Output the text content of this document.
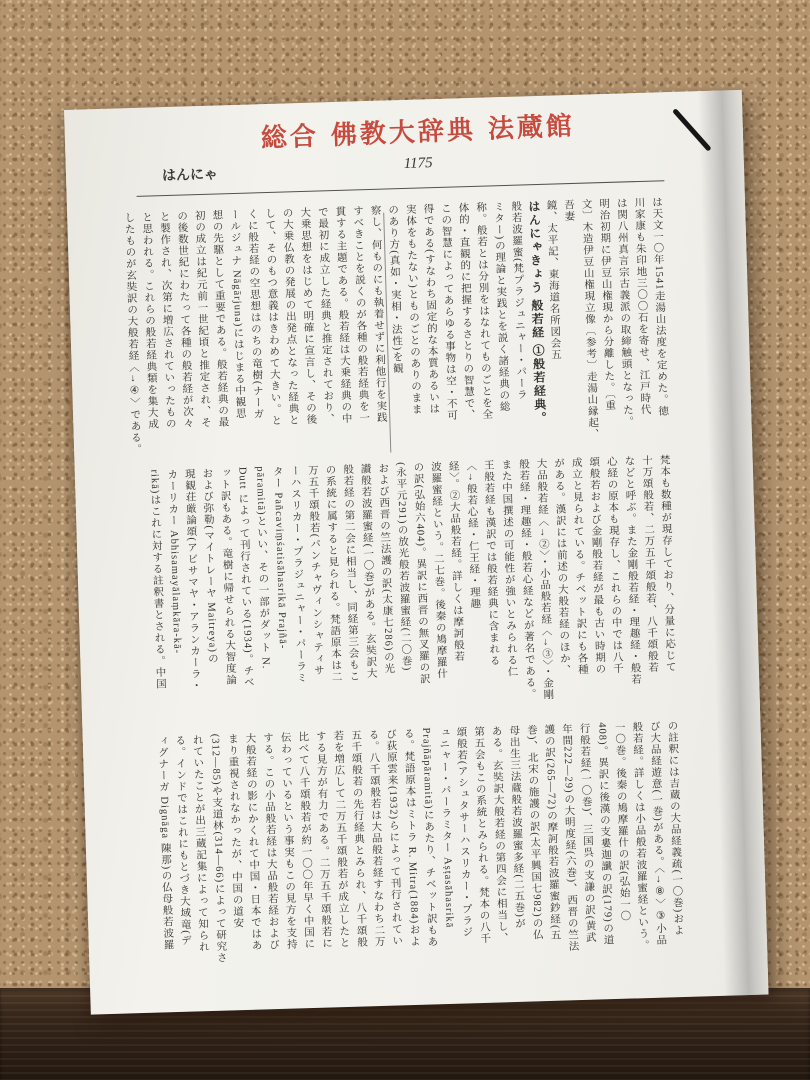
総合 佛教大辞典 法蔵館
はんにゃ
1175
は天文一〇年1541走湯山法度を定めた。徳
川家康も朱印地三〇〇石を寄せ、江戸時代
は関八州真言宗古義派の取締触頭となった。
明治初期に伊豆山権現から分離した。〔重
文〕木造伊豆山権現立像〔参考〕走湯山縁起、吾妻
鏡、太平記、東海道名所図会五
はんにゃきょう 般若経 ①般若経典。
般若波羅蜜(梵プラジュニャー・パーラ
ミター)の理論と実践とを説く諸経典の総
称。般若とは分別をはなれてものごとを全
体的・直観的に把握するさとりの智慧で、
この智慧によってあらゆる事物は空・不可
得である(すなわち固定的な本質あるいは
実体をもたない)とものごとのありのまま
のあり方(真如・実相・法性)を観
察し、何ものにも執着せずに利他行を実践
すべきことを説くのが各種の般若経典を一
貫する主題である。般若経は大乗経典の中
で最初に成立した経典と推定されており、
大乗思想をはじめて明確に宣言し、その後
の大乗仏教の発展の出発点となった経典と
して、そのもつ意義はきわめて大きい。と
くに般若経の空思想はのちの竜樹(ナーガ
ールジュナ Nāgārjuna)にはじまる中観思
想の先駆として重要である。般若経典の最
初の成立は紀元前一世紀頃と推定され、そ
の後数世紀にわたって各種の般若経が次々
と製作され、次第に増広されていったもの
と思われる。これらの般若経典類を集大成
したものが玄奘訳の大般若経〈→④〉である。
梵本も数種が現存しており、分量に応じて
十万頌般若、二万五千頌般若、八千頌般若
などと呼ぶ。また金剛般若経・理趣経・般若
心経の原本も現存し、これらの中では八千
頌般若および金剛般若経が最も古い時期の
成立と見られている。チベット訳にも各種
がある。漢訳には前述の大般若経のほか、
大品般若経〈→②〉・小品般若経〈→③〉・金剛
般若経・理趣経・般若心経などが著名である。
また中国撰述の可能性が強いとみられる仁
王般若経も漢訳では般若経典に含まれる
〈→般若心経・仁王経・理趣
経〉。②大品般若経。詳しくは摩訶般若
波羅蜜経という。二七巻。後秦の鳩摩羅什
の訳(弘始六404)。異訳に西晋の無叉羅の訳
(永平元291)の放光般若波羅蜜経(二〇巻)
および西晋の竺法護の訳(太康七286)の光
讃般若波羅蜜経(一〇巻)がある。玄奘訳大
般若経の第二会に相当し、同経第三会もこ
の系統に属すると見られる。梵語原本は二
万五千頌般若(パンチャヴィンシャティサ
ーハスリカー・プラジュニャー・パーラミ
ター Pañcaviṃśatisāhasrikā Prajñā-
pāramitā)といい、その一部がダット N.
Dutt によって刊行されている(1934)。チベ
ット訳もある。竜樹に帰せられる大智度論
および弥勒(マイトレーヤ Maitreya)の
現観荘厳論頌(アビサマヤ・アランカーラ・
カーリカー Abhisamayālaṃkāra-kā-
rikā)はこれに対する註釈書とされる。中国
の註釈には吉蔵の大品経義疏(一〇巻)およ
び大品経遊意(一巻)がある。〈→⑧〉③小品
般若経。詳しくは小品般若波羅蜜経という。
一〇巻。後秦の鳩摩羅什の訳(弘始一〇
408)。異訳に後漢の支婁迦讖の訳(179)の道
行般若経(一〇巻)、三国呉の支謙の訳(黄武
年間222―29)の大明度経(六巻)、西晋の竺法
護の訳(265―72)の摩訶般若波羅蜜鈔経(五
巻)、北宋の施護の訳(太平興国七982)の仏
母出生三法蔵般若波羅蜜多経(二五巻)が
ある。玄奘訳大般若経の第四会に相当し、
第五会もこの系統とみられる。梵本の八千
頌般若(アシュタサーハスリカー・プラジ
ュニャー・パーラミター Aṣṭasāhasrikā
Prajñāpāramitā)にあたり、チベット訳もあ
る。梵語原本はミトラ R. Mitra(1884)およ
び荻原雲来(1932)らによって刊行されてい
る。八千頌般若は大品般若経すなわち二万
五千頌般若の先行経典とみられ、八千頌般
若を増広して二万五千頌般若が成立したと
する見方が有力である。二万五千頌般若に
比べて八千頌般若が約一〇〇年早く中国に
伝わっているという事実もこの見方を支持
する。この小品般若経は大品般若経および
大般若経の影にかくれて中国・日本ではあ
まり重視されなかったが、中国の道安
(312―85)や支道林(314―66)によって研究さ
れていたことが出三蔵記集によって知られ
る。インドではこれにもとづき大域竜(デ
ィグナーガ Dignāga 陳那)の仏母般若波羅
